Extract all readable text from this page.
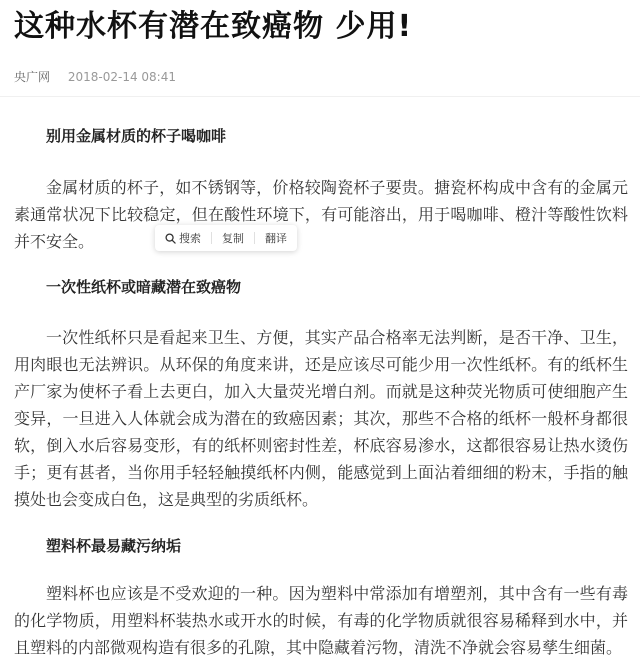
这种水杯有潜在致癌物 少用!
央广网 2018-02-14 08:41
别用金属材质的杯子喝咖啡

金属材质的杯子，如不锈钢等，价格较陶瓷杯子要贵。搪瓷杯构成中含有的金属元素通常状况下比较稳定，但在酸性环境下，有可能溶出，用于喝咖啡、橙汁等酸性饮料并不安全。

一次性纸杯或暗藏潜在致癌物

一次性纸杯只是看起来卫生、方便，其实产品合格率无法判断，是否干净、卫生，用肉眼也无法辨识。从环保的角度来讲，还是应该尽可能少用一次性纸杯。有的纸杯生产厂家为使杯子看上去更白，加入大量荧光增白剂。而就是这种荧光物质可使细胞产生变异，一旦进入人体就会成为潜在的致癌因素；其次，那些不合格的纸杯一般杯身都很软，倒入水后容易变形，有的纸杯则密封性差，杯底容易渗水，这都很容易让热水烫伤手；更有甚者，当你用手轻轻触摸纸杯内侧，能感觉到上面沾着细细的粉末，手指的触摸处也会变成白色，这是典型的劣质纸杯。

塑料杯最易藏污纳垢

塑料杯也应该是不受欢迎的一种。因为塑料中常添加有增塑剂，其中含有一些有毒的化学物质，用塑料杯装热水或开水的时候，有毒的化学物质就很容易稀释到水中，并且塑料的内部微观构造有很多的孔隙，其中隐藏着污物，清洗不净就会容易孳生细菌。

搜索 复制 翻译
